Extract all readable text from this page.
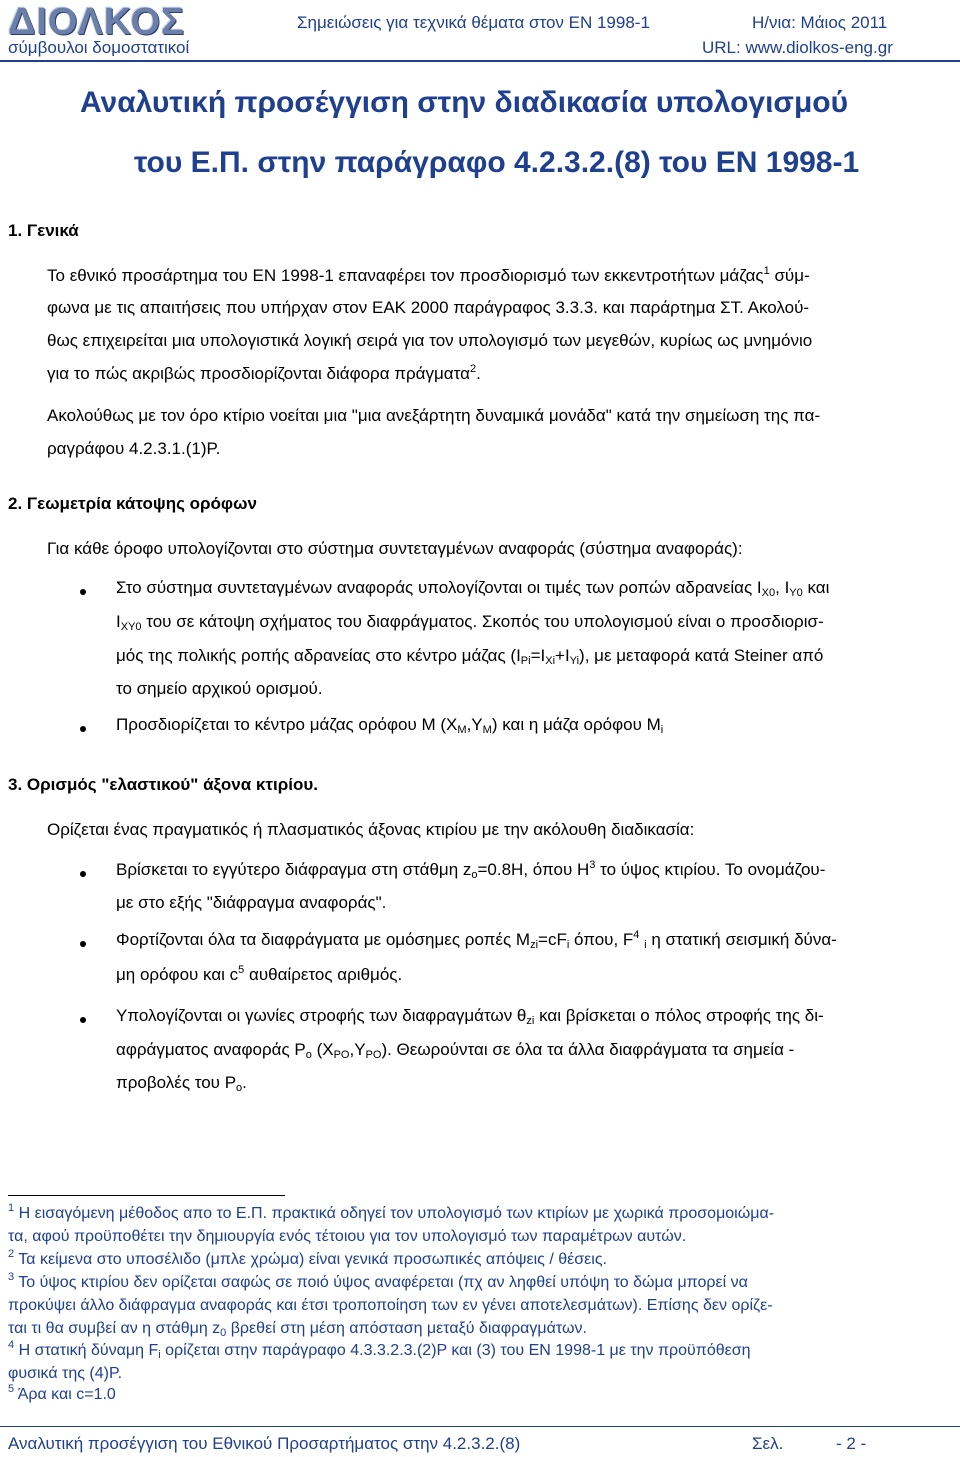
ΔΙΟΛΚΟΣ
σύμβουλοι δομοστατικοί
Σημειώσεις για τεχνικά θέματα στον ΕΝ 1998-1	Η/νια: Μάιος 2011
URL: www.diolkos-eng.gr
Αναλυτική προσέγγιση στην διαδικασία υπολογισμού
του Ε.Π. στην παράγραφο 4.2.3.2.(8) του ΕΝ 1998-1
1. Γενικά
Το εθνικό προσάρτημα του ΕΝ 1998-1 επαναφέρει τον προσδιορισμό των εκκεντροτήτων μάζας$^1$ σύμ-
φωνα με τις απαιτήσεις που υπήρχαν στον ΕΑΚ 2000 παράγραφος 3.3.3. και παράρτημα ΣΤ. Ακολού-
θως επιχειρείται μια υπολογιστικά λογική σειρά για τον υπολογισμό των μεγεθών, κυρίως ως μνημόνιο
για το πώς ακριβώς προσδιορίζονται διάφορα πράγματα$^2$.
Ακολούθως με τον όρο κτίριο νοείται μια "μια ανεξάρτητη δυναμικά μονάδα" κατά την σημείωση της πα-
ραγράφου 4.2.3.1.(1)P.
2. Γεωμετρία κάτοψης ορόφων
Για κάθε όροφο υπολογίζονται στο σύστημα συντεταγμένων αναφοράς (σύστημα αναφοράς):
Στο σύστημα συντεταγμένων αναφοράς υπολογίζονται οι τιμές των ροπών αδρανείας $I_{X0}$, $I_{Y0}$ και
$I_{XY0}$ του σε κάτοψη σχήματος του διαφράγματος. Σκοπός του υπολογισμού είναι ο προσδιορισ-
μός της πολικής ροπής αδρανείας στο κέντρο μάζας $(I_{Pi}=I_{Xi}+I_{Yi})$, με μεταφορά κατά Steiner από
το σημείο αρχικού ορισμού.
Προσδιορίζεται το κέντρο μάζας ορόφου Μ $(X_M,Y_M)$ και η μάζα ορόφου $M_i$
3. Ορισμός "ελαστικού" άξονα κτιρίου.
Ορίζεται ένας πραγματικός ή πλασματικός άξονας κτιρίου με την ακόλουθη διαδικασία:
Βρίσκεται το εγγύτερο διάφραγμα στη στάθμη $z_o=0.8H$, όπου $H^3$ το ύψος κτιρίου. Το ονομάζου-
με στο εξής "διάφραγμα αναφοράς".
Φορτίζονται όλα τα διαφράγματα με ομόσημες ροπές $M_{zi}=cF_i$ όπου, $F^4$ $_i$ η στατική σεισμική δύνα-
μη ορόφου και $c^5$ αυθαίρετος αριθμός.
Υπολογίζονται οι γωνίες στροφής των διαφραγμάτων $\theta_{zi}$ και βρίσκεται ο πόλος στροφής της δι-
αφράγματος αναφοράς $P_o$ $(X_{PO},Y_{PO})$. Θεωρούνται σε όλα τα άλλα διαφράγματα τα σημεία -
προβολές του $P_o$.
$^1$ Η εισαγόμενη μέθοδος απο το Ε.Π. πρακτικά οδηγεί τον υπολογισμό των κτιρίων με χωρικά προσομοιώμα-
τα, αφού προϋποθέτει την δημιουργία ενός τέτοιου για τον υπολογισμό των παραμέτρων αυτών.
$^2$ Τα κείμενα στο υποσέλιδο (μπλε χρώμα) είναι γενικά προσωπικές απόψεις / θέσεις.
$^3$ Το ύψος κτιρίου δεν ορίζεται σαφώς σε ποιό ύψος αναφέρεται (πχ αν ληφθεί υπόψη το δώμα μπορεί να
προκύψει άλλο διάφραγμα αναφοράς και έτσι τροποποίηση των εν γένει αποτελεσμάτων). Επίσης δεν ορίζε-
ται τι θα συμβεί αν η στάθμη $z_0$ βρεθεί στη μέση απόσταση μεταξύ διαφραγμάτων.
$^4$ Η στατική δύναμη $F_i$ ορίζεται στην παράγραφο 4.3.3.2.3.(2)P και (3) του ΕΝ 1998-1 με την προϋπόθεση
φυσικά της (4)P.
$^5$ Άρα και c=1.0
Αναλυτική προσέγγιση του Εθνικού Προσαρτήματος στην 4.2.3.2.(8)	Σελ.	- 2 -
